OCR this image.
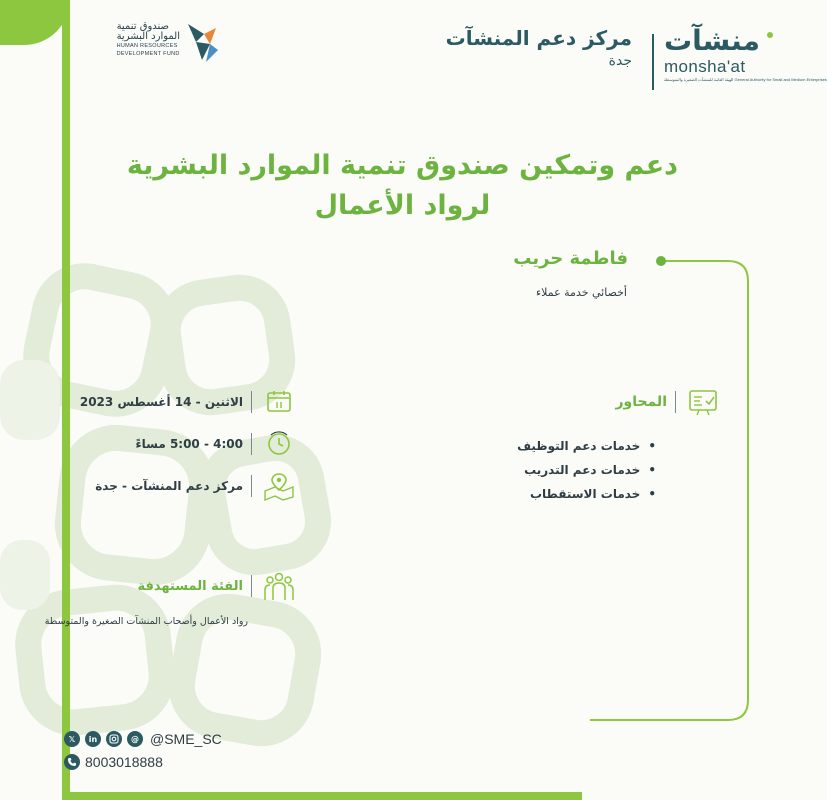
صندوق تنمية
الموارد البشرية
HUMAN RESOURCES
DEVELOPMENT FUND
مركز دعم المنشآت
جدة
منشآت
monsha'at
الهيئة العامة للمنشآت الصغيرة والمتوسطة General Authority for Small and Medium Enterprises
دعم وتمكين صندوق تنمية الموارد البشرية
لرواد الأعمال
فاطمة حريب
أخصائي خدمة عملاء
الاثنين - 14 أغسطس 2023
4:00 - 5:00 مساءً
مركز دعم المنشآت - جدة
المحاور
• خدمات دعم التوظيف
• خدمات دعم التدريب
• خدمات الاستقطاب
الفئة المستهدفة
رواد الأعمال وأصحاب المنشآت الصغيرة والمتوسطة
𝕏	in	@ @SME_SC
8003018888
